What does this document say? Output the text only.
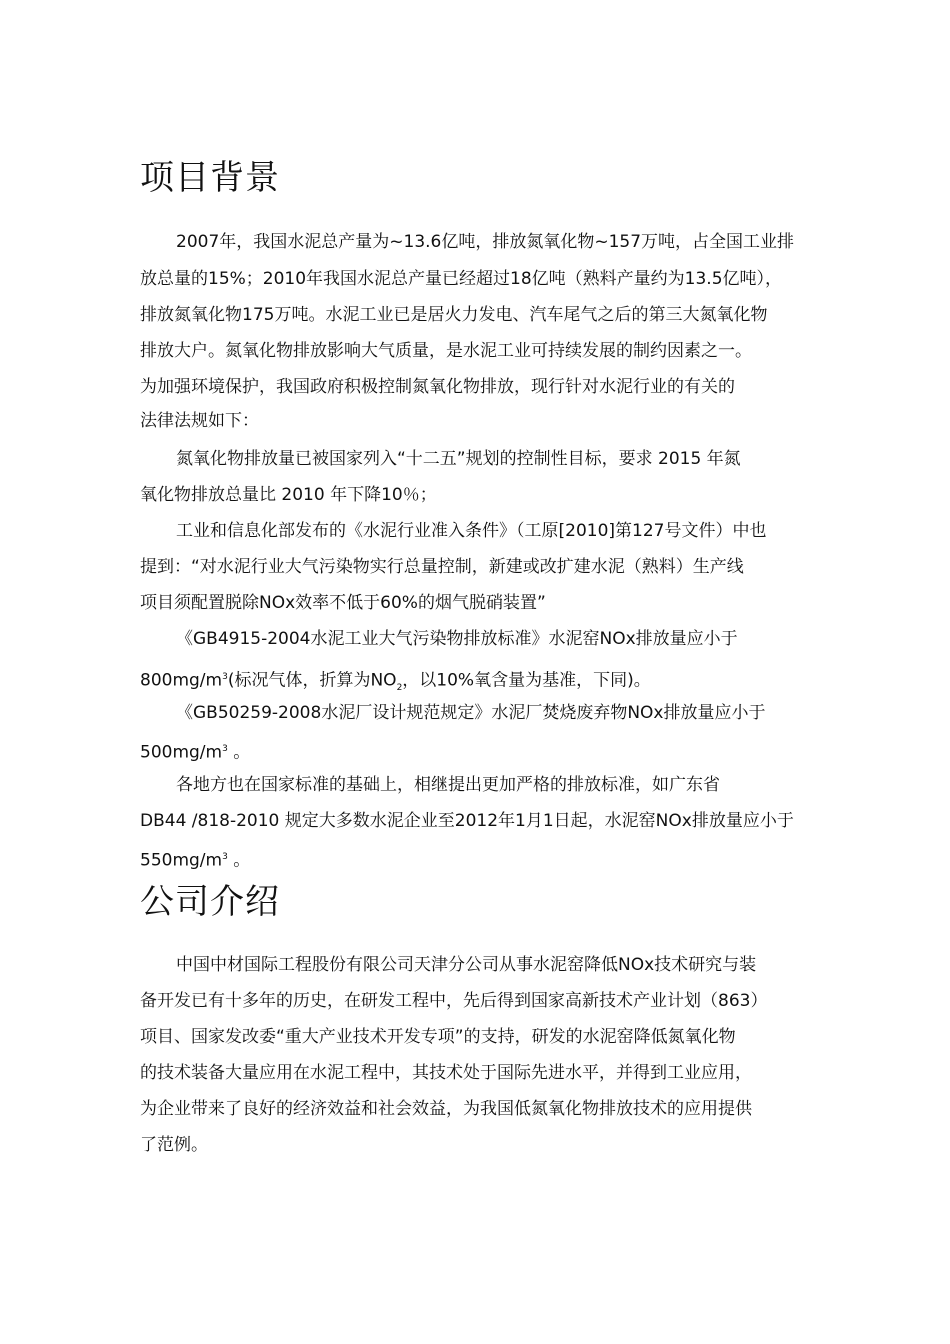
项目背景
2007年，我国水泥总产量为~13.6亿吨，排放氮氧化物~157万吨，占全国工业排
放总量的15%；2010年我国水泥总产量已经超过18亿吨（熟料产量约为13.5亿吨），
排放氮氧化物175万吨。水泥工业已是居火力发电、汽车尾气之后的第三大氮氧化物
排放大户。氮氧化物排放影响大气质量，是水泥工业可持续发展的制约因素之一。
为加强环境保护，我国政府积极控制氮氧化物排放，现行针对水泥行业的有关的
法律法规如下：
氮氧化物排放量已被国家列入“十二五”规划的控制性目标，要求 2015 年氮
氧化物排放总量比 2010 年下降10％；
工业和信息化部发布的《水泥行业准入条件》（工原[2010]第127号文件）中也
提到：“对水泥行业大气污染物实行总量控制，新建或改扩建水泥（熟料）生产线
项目须配置脱除NOx效率不低于60%的烟气脱硝装置”
《GB4915-2004水泥工业大气污染物排放标准》水泥窑NOx排放量应小于
$800mg/m^3$(标况气体，折算为$NO_2$，以10%氧含量为基准，下同)。
《GB50259-2008水泥厂设计规范规定》水泥厂焚烧废弃物NOx排放量应小于
$500mg/m^3$ 。
各地方也在国家标准的基础上，相继提出更加严格的排放标准，如广东省
DB44 /818-2010 规定大多数水泥企业至2012年1月1日起，水泥窑NOx排放量应小于
$550mg/m^3$ 。
公司介绍
中国中材国际工程股份有限公司天津分公司从事水泥窑降低NOx技术研究与装
备开发已有十多年的历史，在研发工程中，先后得到国家高新技术产业计划（863）
项目、国家发改委“重大产业技术开发专项”的支持，研发的水泥窑降低氮氧化物
的技术装备大量应用在水泥工程中，其技术处于国际先进水平，并得到工业应用，
为企业带来了良好的经济效益和社会效益，为我国低氮氧化物排放技术的应用提供
了范例。
